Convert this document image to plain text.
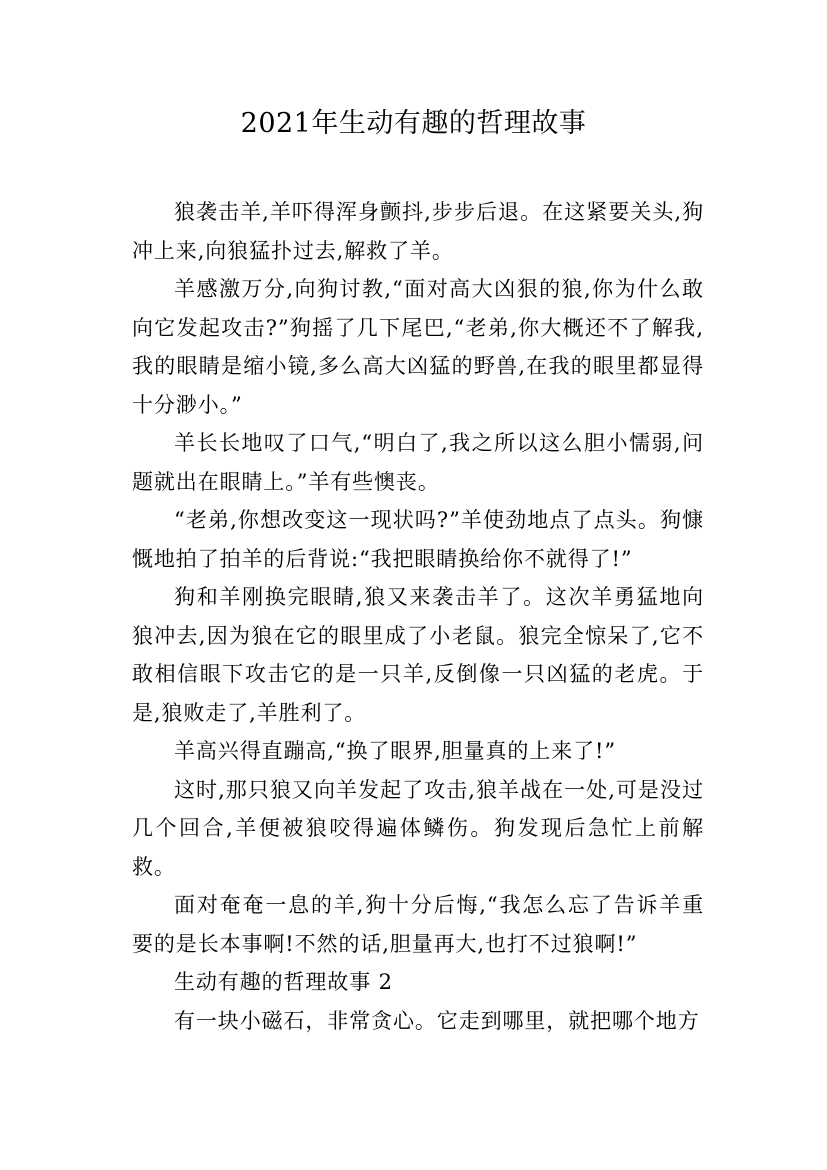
2021年生动有趣的哲理故事

狼袭击羊,羊吓得浑身颤抖,步步后退。在这紧要关头,狗冲上来,向狼猛扑过去,解救了羊。

羊感激万分,向狗讨教,“面对高大凶狠的狼,你为什么敢向它发起攻击?”狗摇了几下尾巴,“老弟,你大概还不了解我,我的眼睛是缩小镜,多么高大凶猛的野兽,在我的眼里都显得十分渺小。”

羊长长地叹了口气,“明白了,我之所以这么胆小懦弱,问题就出在眼睛上。”羊有些懊丧。

“老弟,你想改变这一现状吗?”羊使劲地点了点头。狗慷慨地拍了拍羊的后背说:“我把眼睛换给你不就得了!”

狗和羊刚换完眼睛,狼又来袭击羊了。这次羊勇猛地向狼冲去,因为狼在它的眼里成了小老鼠。狼完全惊呆了,它不敢相信眼下攻击它的是一只羊,反倒像一只凶猛的老虎。于是,狼败走了,羊胜利了。

羊高兴得直蹦高,“换了眼界,胆量真的上来了!”

这时,那只狼又向羊发起了攻击,狼羊战在一处,可是没过几个回合,羊便被狼咬得遍体鳞伤。狗发现后急忙上前解救。

面对奄奄一息的羊,狗十分后悔,“我怎么忘了告诉羊重要的是长本事啊!不然的话,胆量再大,也打不过狼啊!”

生动有趣的哲理故事 2

有一块小磁石，非常贪心。它走到哪里，就把哪个地方
